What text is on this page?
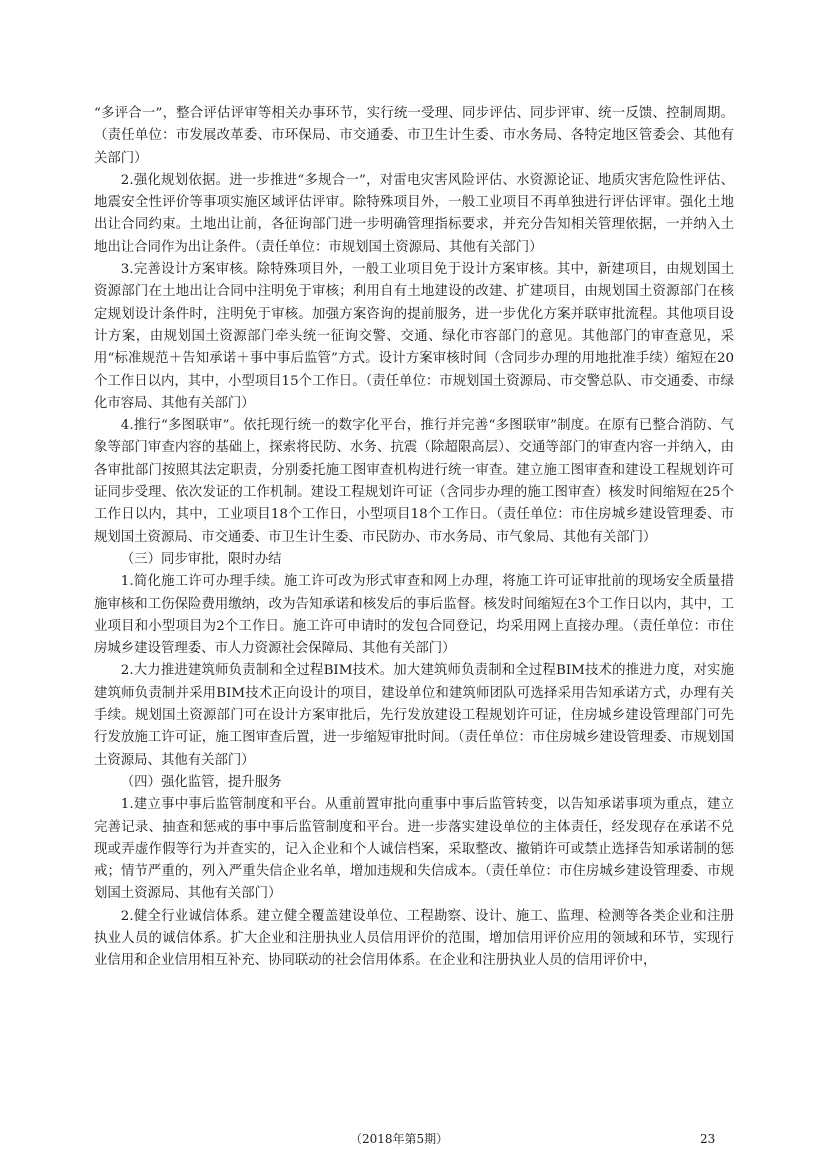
“多评合一”，整合评估评审等相关办事环节，实行统一受理、同步评估、同步评审、统一反馈、控制周期。（责任单位：市发展改革委、市环保局、市交通委、市卫生计生委、市水务局、各特定地区管委会、其他有关部门）

2.强化规划依据。进一步推进“多规合一”，对雷电灾害风险评估、水资源论证、地质灾害危险性评估、地震安全性评价等事项实施区域评估评审。除特殊项目外，一般工业项目不再单独进行评估评审。强化土地出让合同约束。土地出让前，各征询部门进一步明确管理指标要求，并充分告知相关管理依据，一并纳入土地出让合同作为出让条件。（责任单位：市规划国土资源局、其他有关部门）

3.完善设计方案审核。除特殊项目外，一般工业项目免于设计方案审核。其中，新建项目，由规划国土资源部门在土地出让合同中注明免于审核；利用自有土地建设的改建、扩建项目，由规划国土资源部门在核定规划设计条件时，注明免于审核。加强方案咨询的提前服务，进一步优化方案并联审批流程。其他项目设计方案，由规划国土资源部门牵头统一征询交警、交通、绿化市容部门的意见。其他部门的审查意见，采用“标准规范＋告知承诺＋事中事后监管”方式。设计方案审核时间（含同步办理的用地批准手续）缩短在20个工作日以内，其中，小型项目15个工作日。（责任单位：市规划国土资源局、市交警总队、市交通委、市绿化市容局、其他有关部门）

4.推行“多图联审”。依托现行统一的数字化平台，推行并完善“多图联审”制度。在原有已整合消防、气象等部门审查内容的基础上，探索将民防、水务、抗震（除超限高层）、交通等部门的审查内容一并纳入，由各审批部门按照其法定职责，分别委托施工图审查机构进行统一审查。建立施工图审查和建设工程规划许可证同步受理、依次发证的工作机制。建设工程规划许可证（含同步办理的施工图审查）核发时间缩短在25个工作日以内，其中，工业项目18个工作日，小型项目18个工作日。（责任单位：市住房城乡建设管理委、市规划国土资源局、市交通委、市卫生计生委、市民防办、市水务局、市气象局、其他有关部门）

（三）同步审批，限时办结

1.简化施工许可办理手续。施工许可改为形式审查和网上办理，将施工许可证审批前的现场安全质量措施审核和工伤保险费用缴纳，改为告知承诺和核发后的事后监督。核发时间缩短在3个工作日以内，其中，工业项目和小型项目为2个工作日。施工许可申请时的发包合同登记，均采用网上直接办理。（责任单位：市住房城乡建设管理委、市人力资源社会保障局、其他有关部门）

2.大力推进建筑师负责制和全过程BIM技术。加大建筑师负责制和全过程BIM技术的推进力度，对实施建筑师负责制并采用BIM技术正向设计的项目，建设单位和建筑师团队可选择采用告知承诺方式，办理有关手续。规划国土资源部门可在设计方案审批后，先行发放建设工程规划许可证，住房城乡建设管理部门可先行发放施工许可证，施工图审查后置，进一步缩短审批时间。（责任单位：市住房城乡建设管理委、市规划国土资源局、其他有关部门）

（四）强化监管，提升服务

1.建立事中事后监管制度和平台。从重前置审批向重事中事后监管转变，以告知承诺事项为重点，建立完善记录、抽查和惩戒的事中事后监管制度和平台。进一步落实建设单位的主体责任，经发现存在承诺不兑现或弄虚作假等行为并查实的，记入企业和个人诚信档案，采取整改、撤销许可或禁止选择告知承诺制的惩戒；情节严重的，列入严重失信企业名单，增加违规和失信成本。（责任单位：市住房城乡建设管理委、市规划国土资源局、其他有关部门）

2.健全行业诚信体系。建立健全覆盖建设单位、工程勘察、设计、施工、监理、检测等各类企业和注册执业人员的诚信体系。扩大企业和注册执业人员信用评价的范围，增加信用评价应用的领域和环节，实现行业信用和企业信用相互补充、协同联动的社会信用体系。在企业和注册执业人员的信用评价中，

（2018年第5期）	23
